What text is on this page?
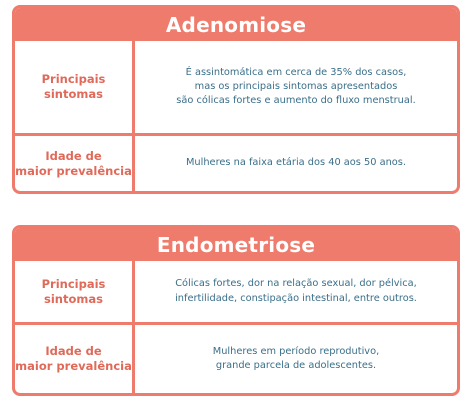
Adenomiose
Principais
sintomas
É assintomática em cerca de 35% dos casos,
mas os principais sintomas apresentados
são cólicas fortes e aumento do fluxo menstrual.
Idade de
maior prevalência
Mulheres na faixa etária dos 40 aos 50 anos.
Endometriose
Principais
sintomas
Cólicas fortes, dor na relação sexual, dor pélvica,
infertilidade, constipação intestinal, entre outros.
Idade de
maior prevalência
Mulheres em período reprodutivo,
grande parcela de adolescentes.
